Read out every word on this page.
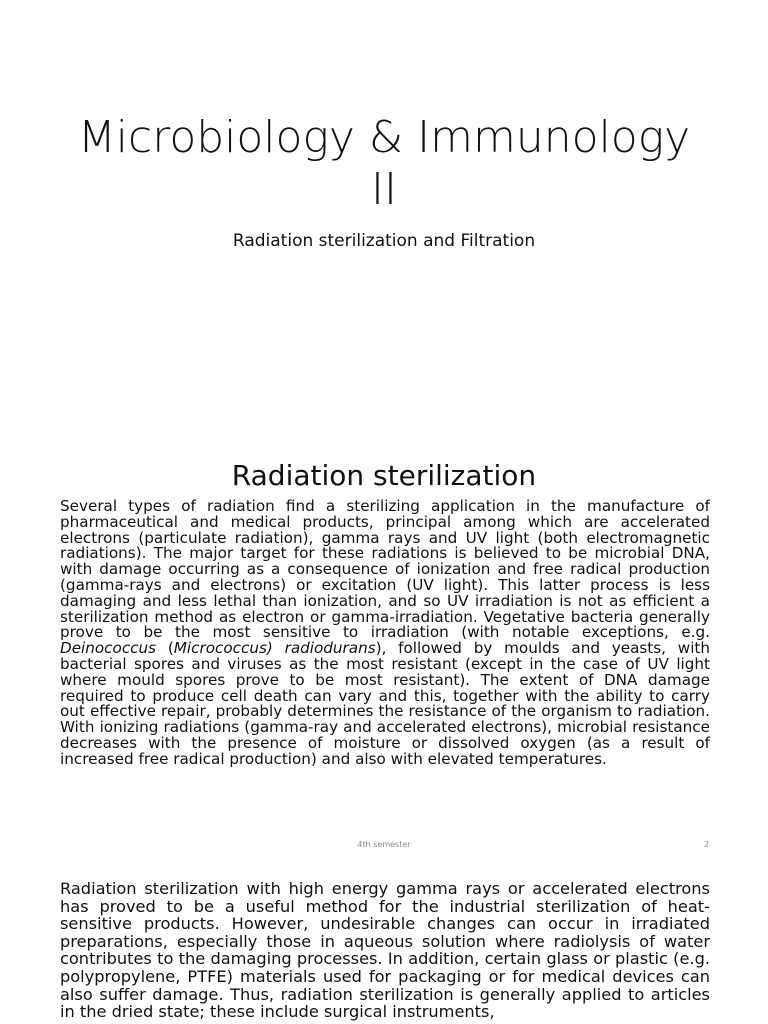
Microbiology & Immunology II

Radiation sterilization and Filtration

Radiation sterilization

Several types of radiation find a sterilizing application in the manufacture of pharmaceutical and medical products, principal among which are accelerated electrons (particulate radiation), gamma rays and UV light (both electromagnetic radiations). The major target for these radiations is believed to be microbial DNA, with damage occurring as a consequence of ionization and free radical production (gamma-rays and electrons) or excitation (UV light). This latter process is less damaging and less lethal than ionization, and so UV irradiation is not as efficient a sterilization method as electron or gamma-irradiation. Vegetative bacteria generally prove to be the most sensitive to irradiation (with notable exceptions, e.g. Deinococcus (Micrococcus) radiodurans), followed by moulds and yeasts, with bacterial spores and viruses as the most resistant (except in the case of UV light where mould spores prove to be most resistant). The extent of DNA damage required to produce cell death can vary and this, together with the ability to carry out effective repair, probably determines the resistance of the organism to radiation. With ionizing radiations (gamma-ray and accelerated electrons), microbial resistance decreases with the presence of moisture or dissolved oxygen (as a result of increased free radical production) and also with elevated temperatures.

4th semester	2

Radiation sterilization with high energy gamma rays or accelerated electrons has proved to be a useful method for the industrial sterilization of heat-sensitive products. However, undesirable changes can occur in irradiated preparations, especially those in aqueous solution where radiolysis of water contributes to the damaging processes. In addition, certain glass or plastic (e.g. polypropylene, PTFE) materials used for packaging or for medical devices can also suffer damage. Thus, radiation sterilization is generally applied to articles in the dried state; these include surgical instruments,
